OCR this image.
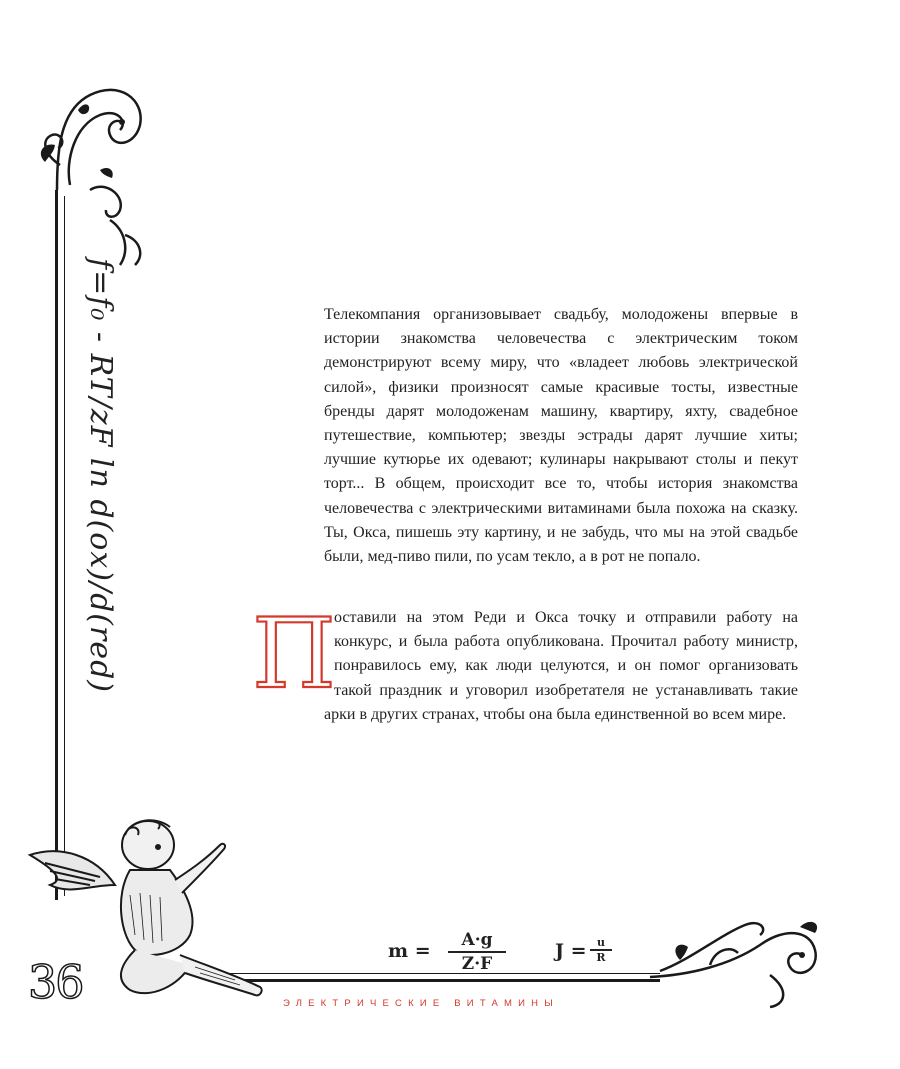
f=f₀ - RT/zF ln d(ox)/d(red)	Телекомпания организовывает свадьбу, молодожены впервые в истории знакомства человечества с электрическим током демонстрируют всему миру, что «владеет любовь электрической силой», физики произносят самые красивые тосты, известные бренды дарят молодоженам машину, квартиру, яхту, свадебное путешествие, компьютер; звезды эстрады дарят лучшие хиты; лучшие кутюрье их одевают; кулинары накрывают столы и пекут торт... В общем, происходит все то, чтобы история знакомства человечества с электрическими витаминами была похожа на сказку. Ты, Окса, пишешь эту картину, и не забудь, что мы на этой свадьбе были, мед-пиво пили, по усам текло, а в рот не попало.
П
оставили на этом Реди и Окса точку и отправили работу на конкурс, и была работа опубликована. Прочитал работу министр, понравилось ему, как люди целуются, и он помог организовать такой праздник и уговорил изобретателя не устанавливать такие арки в других странах, чтобы она была единственной во всем мире.
36
$m = \frac{A\cdot g}{Z\cdot F}$	$J = \frac{u}{R}$
ЭЛЕКТРИЧЕСКИЕ ВИТАМИНЫ
